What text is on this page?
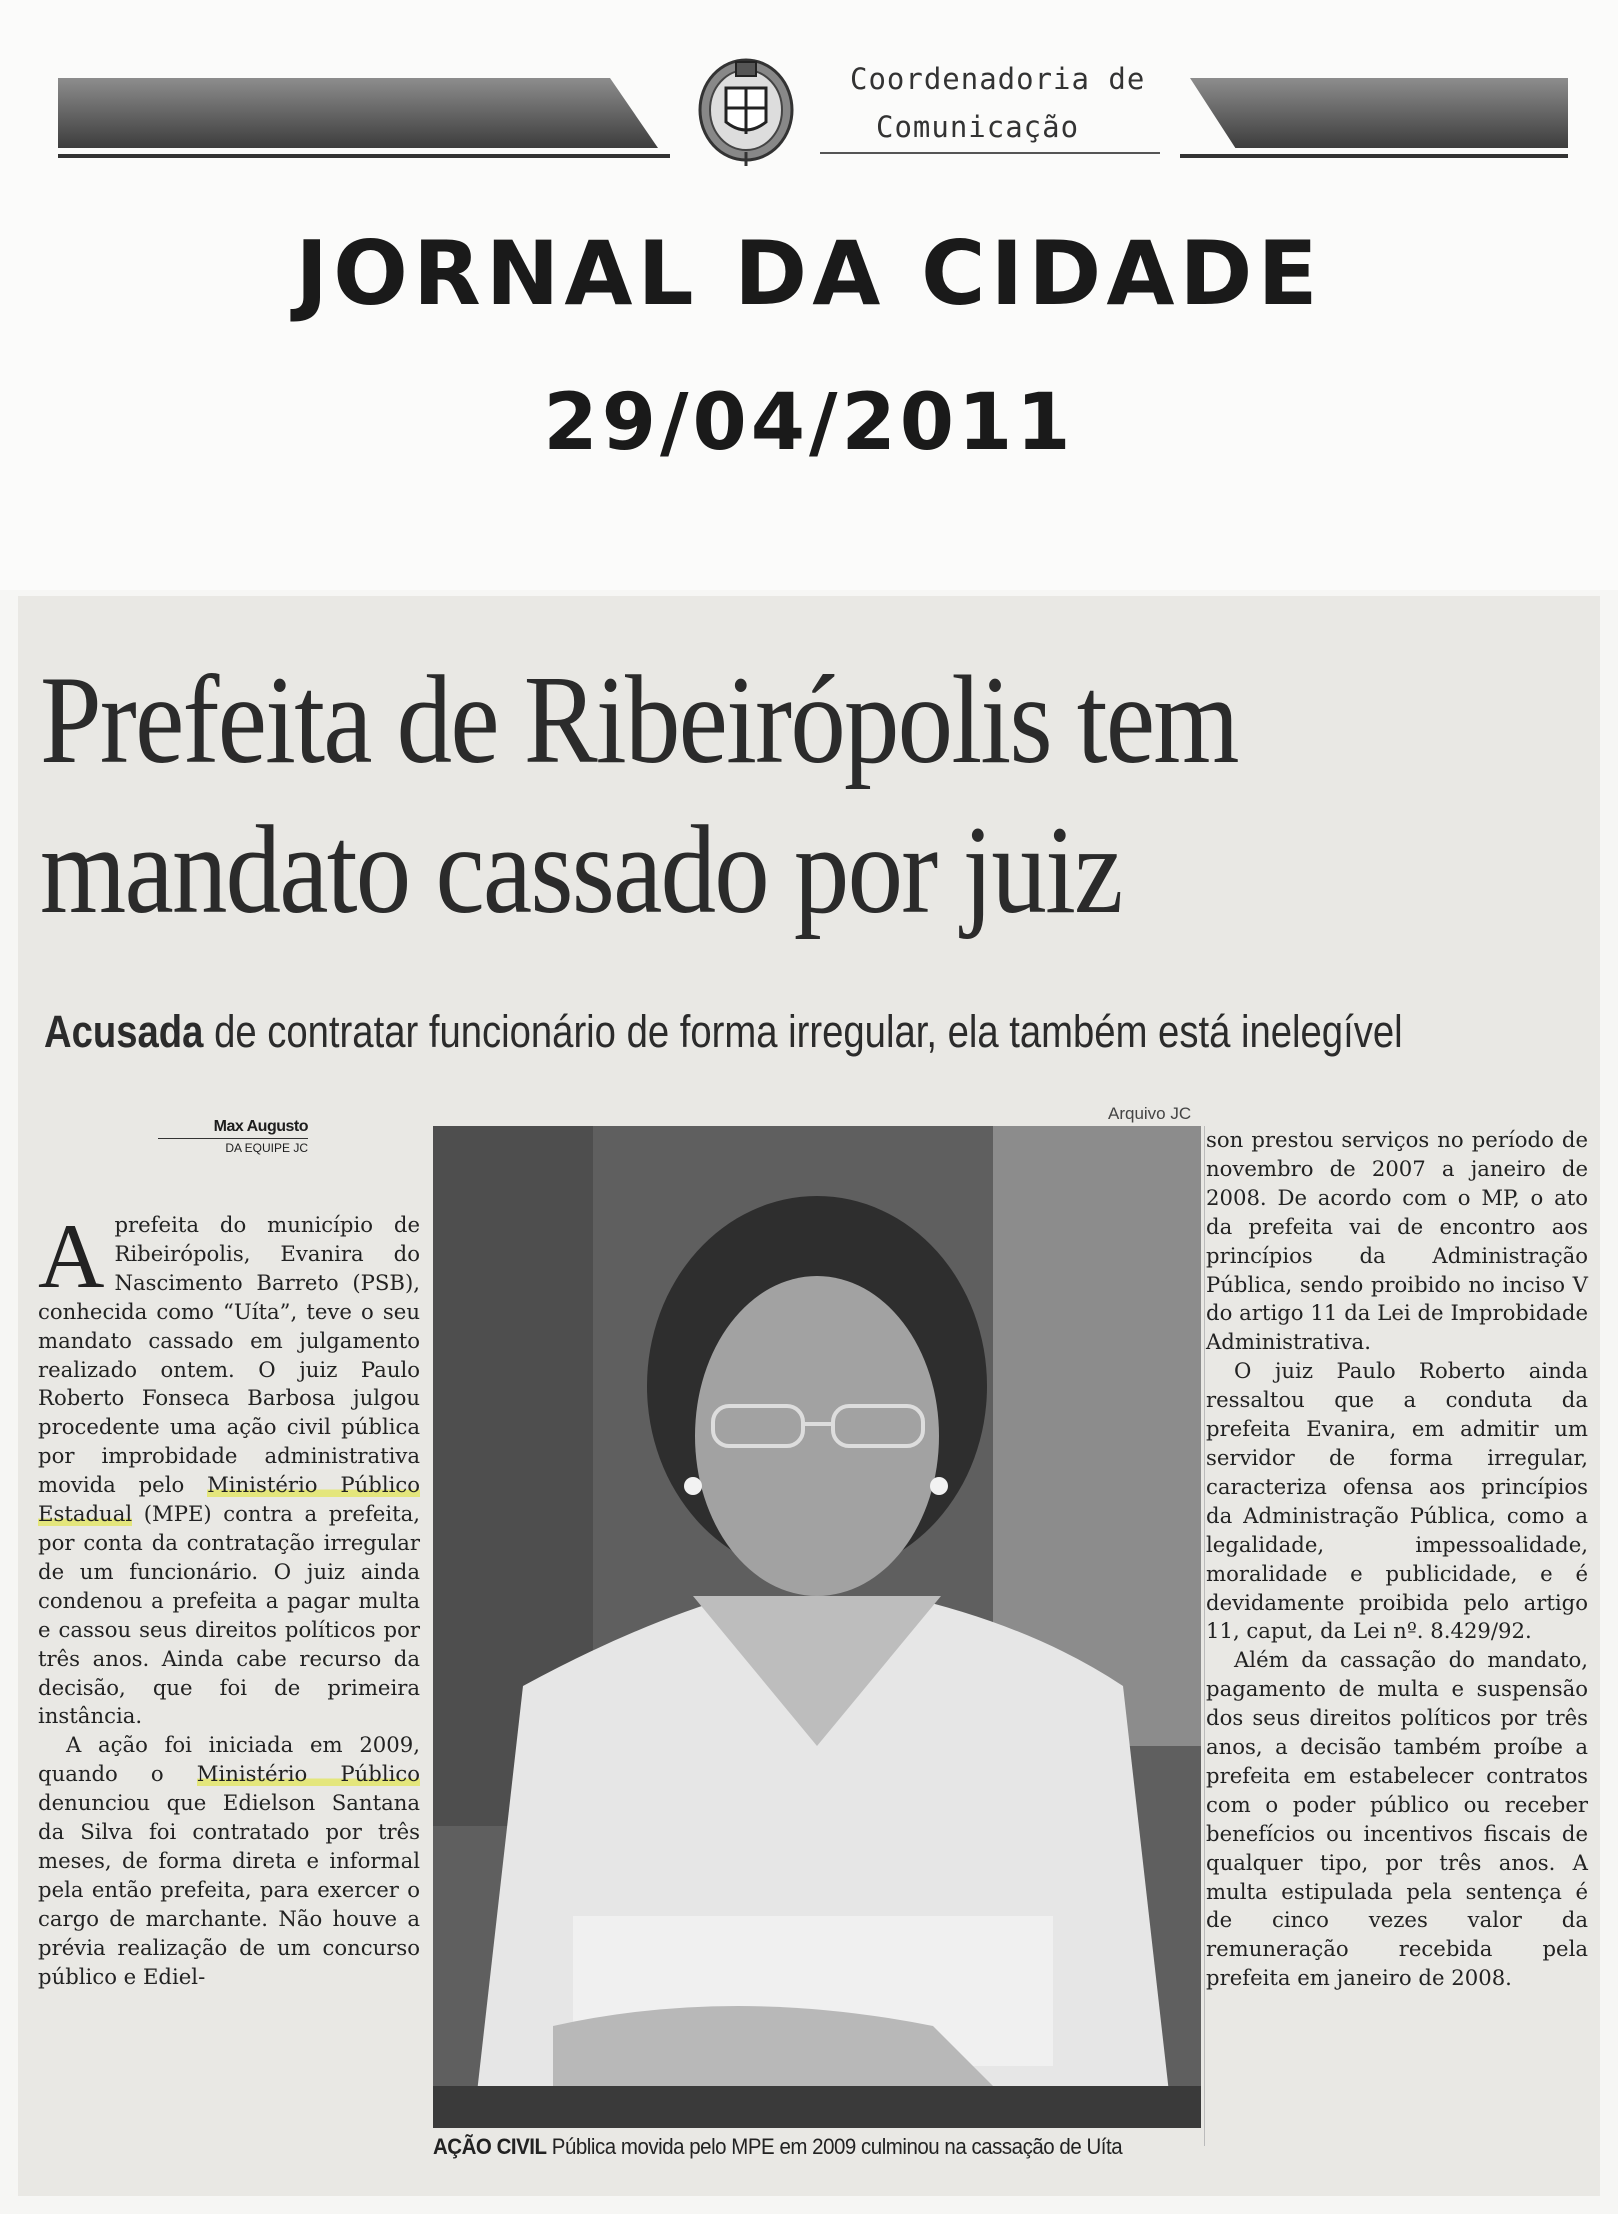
Coordenadoria de
Comunicação
JORNAL DA CIDADE
29/04/2011
Prefeita de Ribeirópolis tem
mandato cassado por juiz
Acusada de contratar funcionário de forma irregular, ela também está inelegível
Arquivo JC
Max Augusto
DA EQUIPE JC

A prefeita do município de Ribeirópolis, Evanira do Nascimento Barreto (PSB), conhecida como “Uíta”, teve o seu mandato cassado em julgamento realizado ontem. O juiz Paulo Roberto Fonseca Barbosa julgou procedente uma ação civil pública por improbidade administrativa movida pelo Ministério Público Estadual (MPE) contra a prefeita, por conta da contratação irregular de um funcionário. O juiz ainda condenou a prefeita a pagar multa e cassou seus direitos políticos por três anos. Ainda cabe recurso da decisão, que foi de primeira instância.

A ação foi iniciada em 2009, quando o Ministério Público denunciou que Edielson Santana da Silva foi contratado por três meses, de forma direta e informal pela então prefeita, para exercer o cargo de marchante. Não houve a prévia realização de um concurso público e Ediel-

AÇÃO CIVIL Pública movida pelo MPE em 2009 culminou na cassação de Uíta

son prestou serviços no período de novembro de 2007 a janeiro de 2008. De acordo com o MP, o ato da prefeita vai de encontro aos princípios da Administração Pública, sendo proibido no inciso V do artigo 11 da Lei de Improbidade Administrativa.

O juiz Paulo Roberto ainda ressaltou que a conduta da prefeita Evanira, em admitir um servidor de forma irregular, caracteriza ofensa aos princípios da Administração Pública, como a legalidade, impessoalidade, moralidade e publicidade, e é devidamente proibida pelo artigo 11, caput, da Lei nº. 8.429/92.

Além da cassação do mandato, pagamento de multa e suspensão dos seus direitos políticos por três anos, a decisão também proíbe a prefeita em estabelecer contratos com o poder público ou receber benefícios ou incentivos fiscais de qualquer tipo, por três anos. A multa estipulada pela sentença é de cinco vezes valor da remuneração recebida pela prefeita em janeiro de 2008.
